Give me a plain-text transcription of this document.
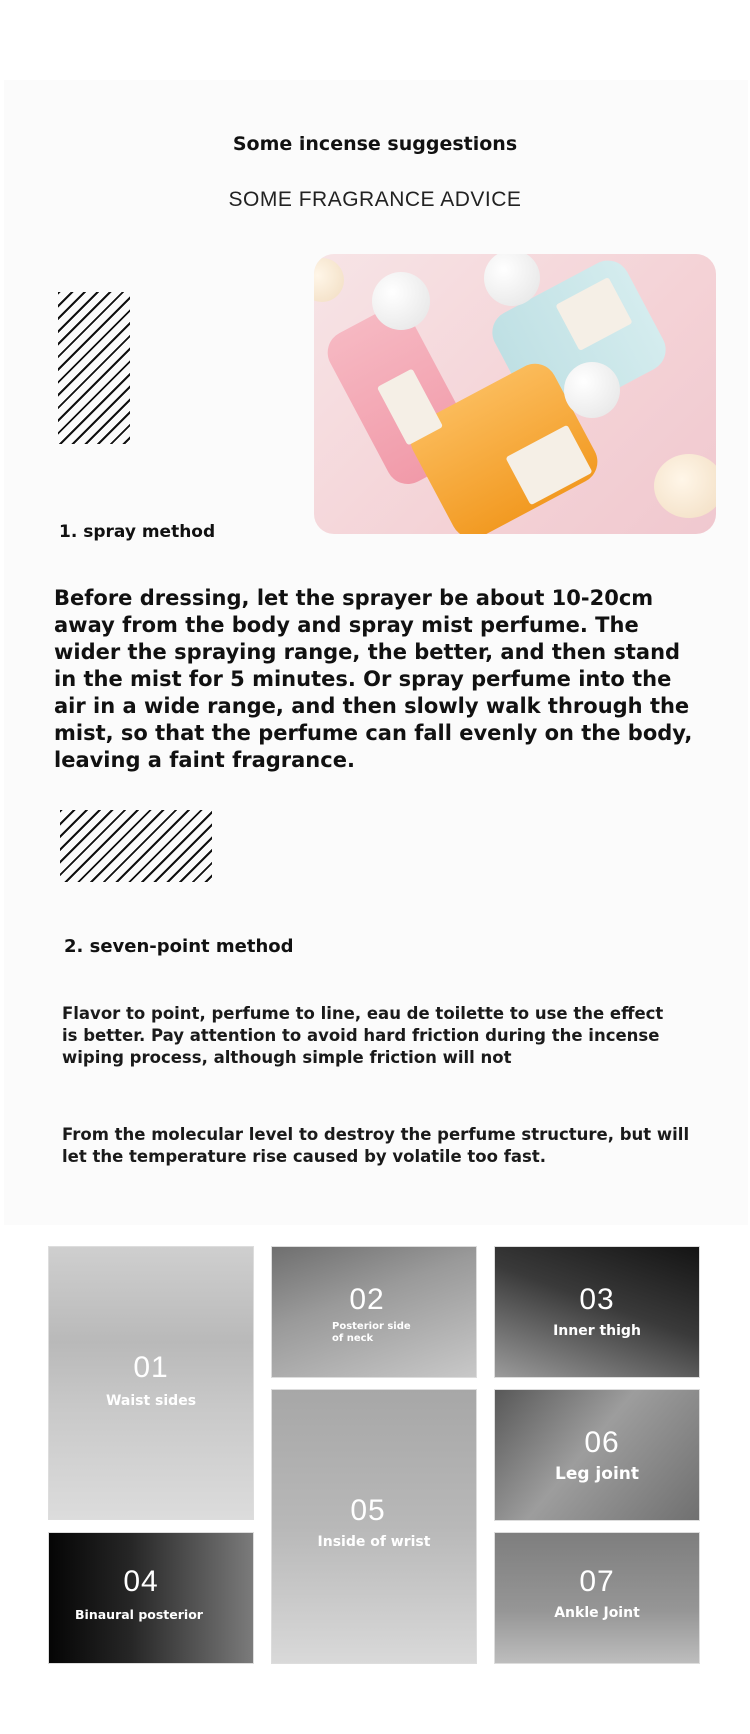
Some incense suggestions
SOME FRAGRANCE ADVICE
1. spray method
Before dressing, let the sprayer be about 10-20cm away from the body and spray mist perfume. The wider the spraying range, the better, and then stand in the mist for 5 minutes. Or spray perfume into the air in a wide range, and then slowly walk through the mist, so that the perfume can fall evenly on the body, leaving a faint fragrance.
2. seven-point method
Flavor to point, perfume to line, eau de toilette to use the effect is better. Pay attention to avoid hard friction during the incense wiping process, although simple friction will not
From the molecular level to destroy the perfume structure, but will let the temperature rise caused by volatile too fast.
01
Waist sides
02
Posterior side of neck
03
Inner thigh
04
Binaural posterior
05
Inside of wrist
06
Leg joint
07
Ankle Joint
